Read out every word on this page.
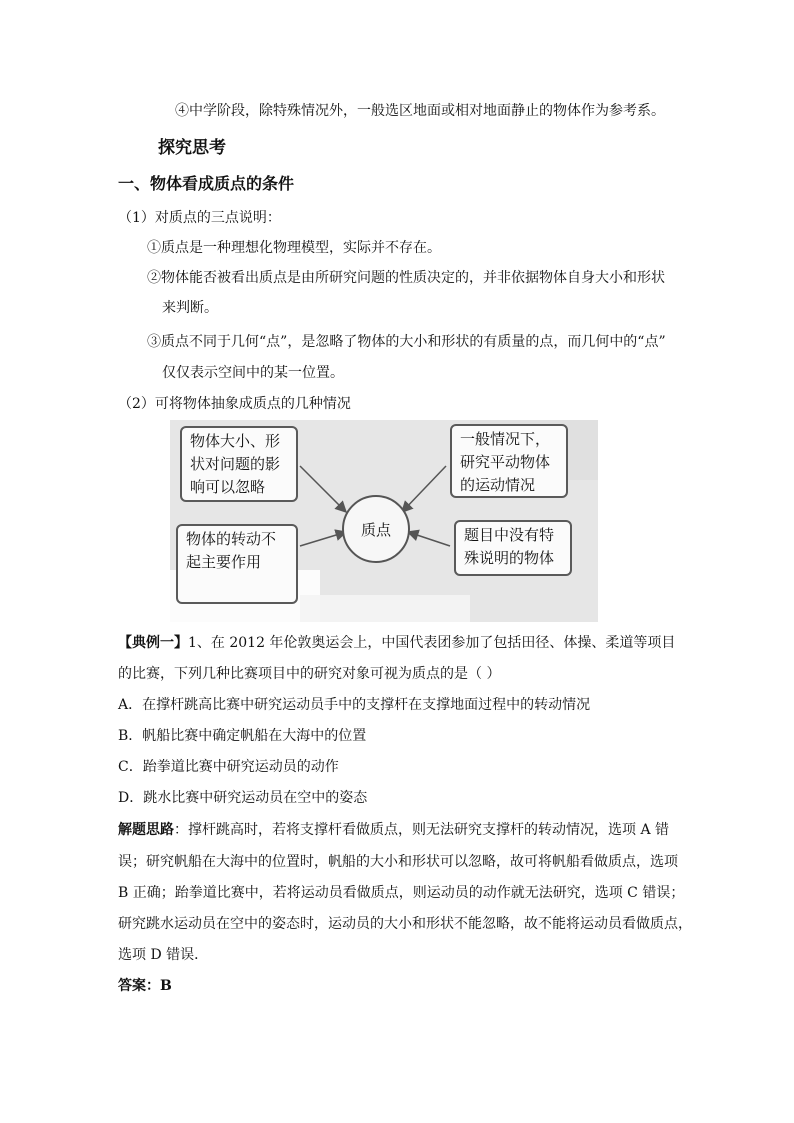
④中学阶段，除特殊情况外，一般选区地面或相对地面静止的物体作为参考系。
探究思考
一、物体看成质点的条件
（1）对质点的三点说明：
①质点是一种理想化物理模型，实际并不存在。
②物体能否被看出质点是由所研究问题的性质决定的，并非依据物体自身大小和形状
来判断。
③质点不同于几何“点”，是忽略了物体的大小和形状的有质量的点，而几何中的“点”
仅仅表示空间中的某一位置。
（2）可将物体抽象成质点的几种情况
物体大小、形状对问题的影响可以忽略
物体的转动不起主要作用
一般情况下，研究平动物体的运动情况
题目中没有特殊说明的物体
质点
【典例一】1、在 2012 年伦敦奥运会上，中国代表团参加了包括田径、体操、柔道等项目
的比赛，下列几种比赛项目中的研究对象可视为质点的是（ ）
A．在撑杆跳高比赛中研究运动员手中的支撑杆在支撑地面过程中的转动情况
B．帆船比赛中确定帆船在大海中的位置
C．跆拳道比赛中研究运动员的动作
D．跳水比赛中研究运动员在空中的姿态
解题思路：撑杆跳高时，若将支撑杆看做质点，则无法研究支撑杆的转动情况，选项 A 错
误；研究帆船在大海中的位置时，帆船的大小和形状可以忽略，故可将帆船看做质点，选项
B 正确；跆拳道比赛中，若将运动员看做质点，则运动员的动作就无法研究，选项 C 错误；
研究跳水运动员在空中的姿态时，运动员的大小和形状不能忽略，故不能将运动员看做质点，
选项 D 错误．
答案：B
